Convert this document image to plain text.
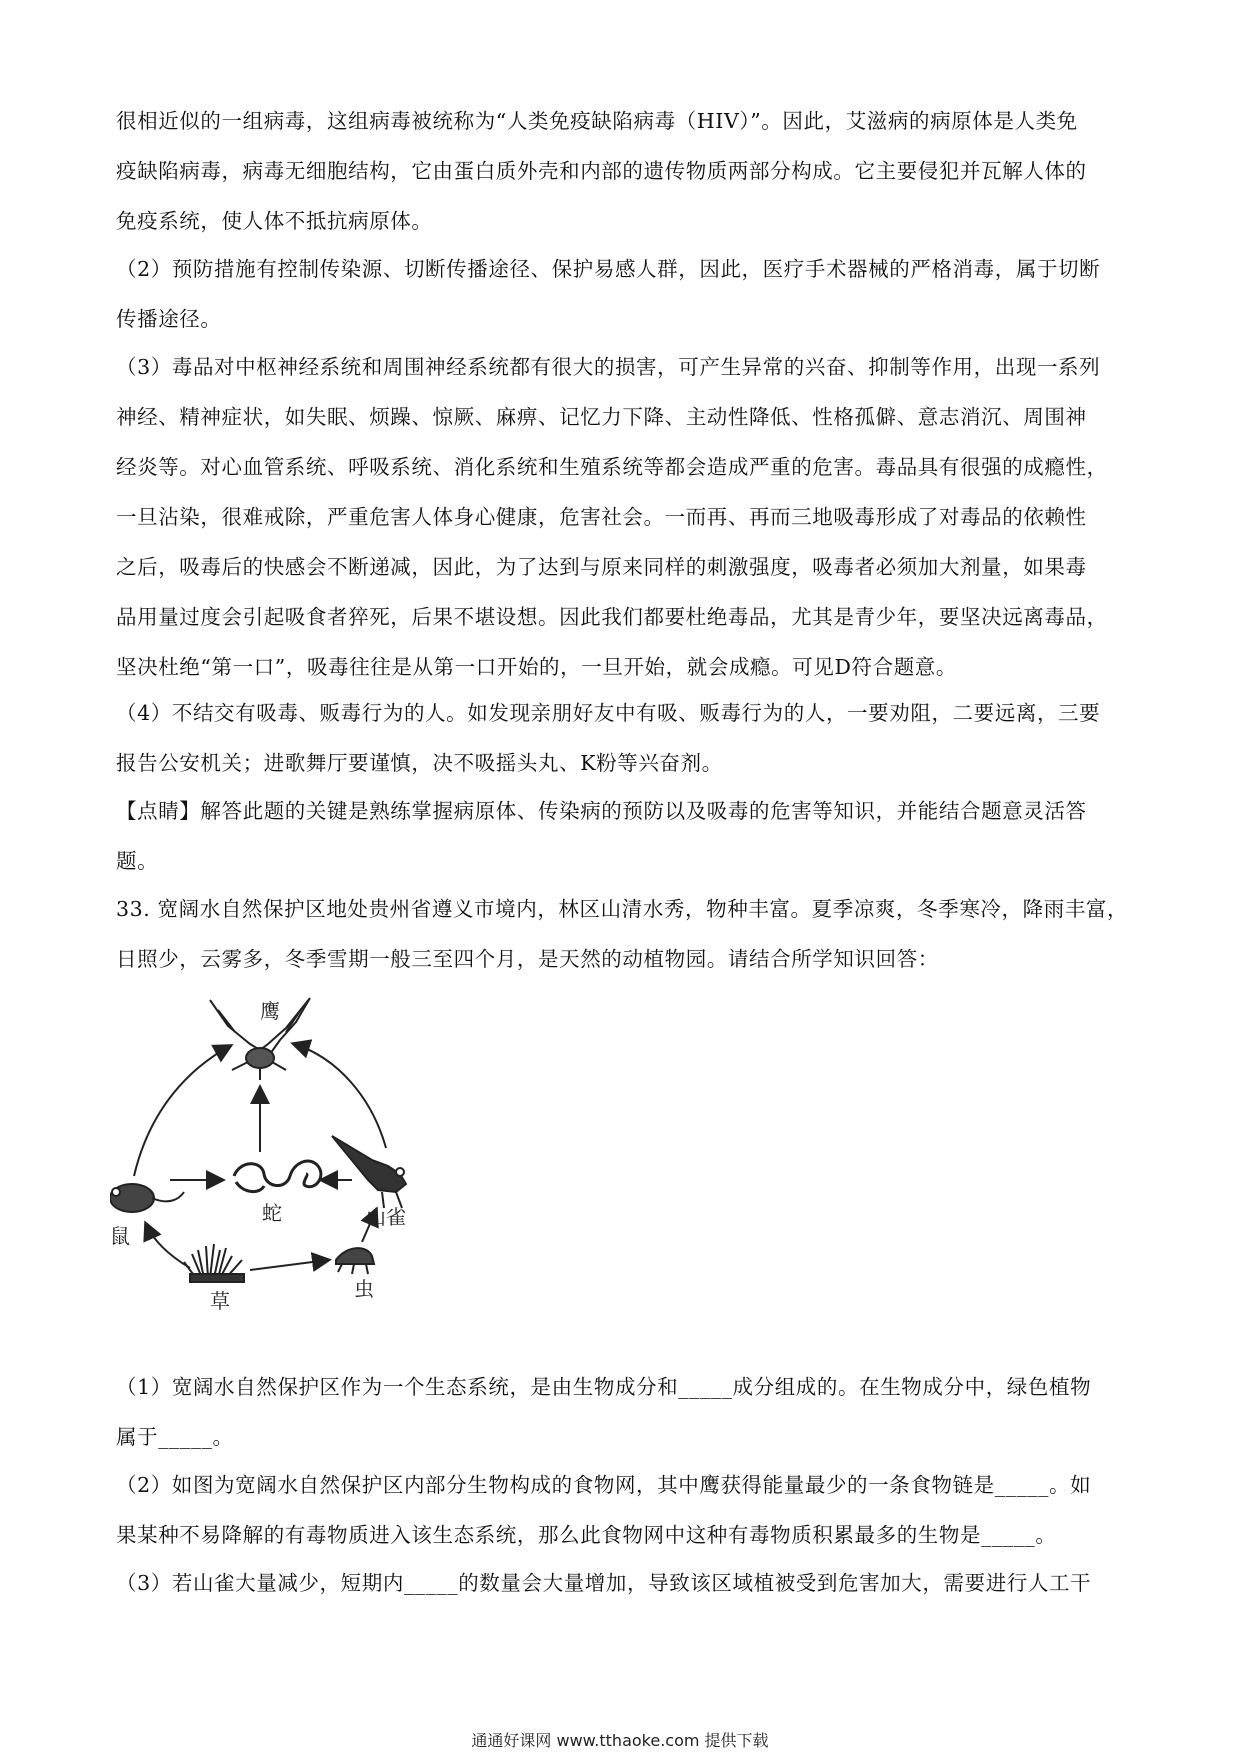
很相近似的一组病毒，这组病毒被统称为“人类免疫缺陷病毒（HIV）”。因此，艾滋病的病原体是人类免
疫缺陷病毒，病毒无细胞结构，它由蛋白质外壳和内部的遗传物质两部分构成。它主要侵犯并瓦解人体的
免疫系统，使人体不抵抗病原体。
（2）预防措施有控制传染源、切断传播途径、保护易感人群，因此，医疗手术器械的严格消毒，属于切断
传播途径。
（3）毒品对中枢神经系统和周围神经系统都有很大的损害，可产生异常的兴奋、抑制等作用，出现一系列
神经、精神症状，如失眠、烦躁、惊厥、麻痹、记忆力下降、主动性降低、性格孤僻、意志消沉、周围神
经炎等。对心血管系统、呼吸系统、消化系统和生殖系统等都会造成严重的危害。毒品具有很强的成瘾性，
一旦沾染，很难戒除，严重危害人体身心健康，危害社会。一而再、再而三地吸毒形成了对毒品的依赖性
之后，吸毒后的快感会不断递减，因此，为了达到与原来同样的刺激强度，吸毒者必须加大剂量，如果毒
品用量过度会引起吸食者猝死，后果不堪设想。因此我们都要杜绝毒品，尤其是青少年，要坚决远离毒品，
坚决杜绝“第一口”，吸毒往往是从第一口开始的，一旦开始，就会成瘾。可见D符合题意。
（4）不结交有吸毒、贩毒行为的人。如发现亲朋好友中有吸、贩毒行为的人，一要劝阻，二要远离，三要
报告公安机关；进歌舞厅要谨慎，决不吸摇头丸、K粉等兴奋剂。
【点睛】解答此题的关键是熟练掌握病原体、传染病的预防以及吸毒的危害等知识，并能结合题意灵活答
题。
33. 宽阔水自然保护区地处贵州省遵义市境内，林区山清水秀，物种丰富。夏季凉爽，冬季寒冷，降雨丰富，
日照少，云雾多，冬季雪期一般三至四个月，是天然的动植物园。请结合所学知识回答：
鹰
蛇	山雀
鼠
草	虫
（1）宽阔水自然保护区作为一个生态系统，是由生物成分和_____成分组成的。在生物成分中，绿色植物
属于_____。
（2）如图为宽阔水自然保护区内部分生物构成的食物网，其中鹰获得能量最少的一条食物链是_____。如
果某种不易降解的有毒物质进入该生态系统，那么此食物网中这种有毒物质积累最多的生物是_____。
（3）若山雀大量减少，短期内_____的数量会大量增加，导致该区域植被受到危害加大，需要进行人工干
通通好课网 www.tthaoke.com 提供下载
